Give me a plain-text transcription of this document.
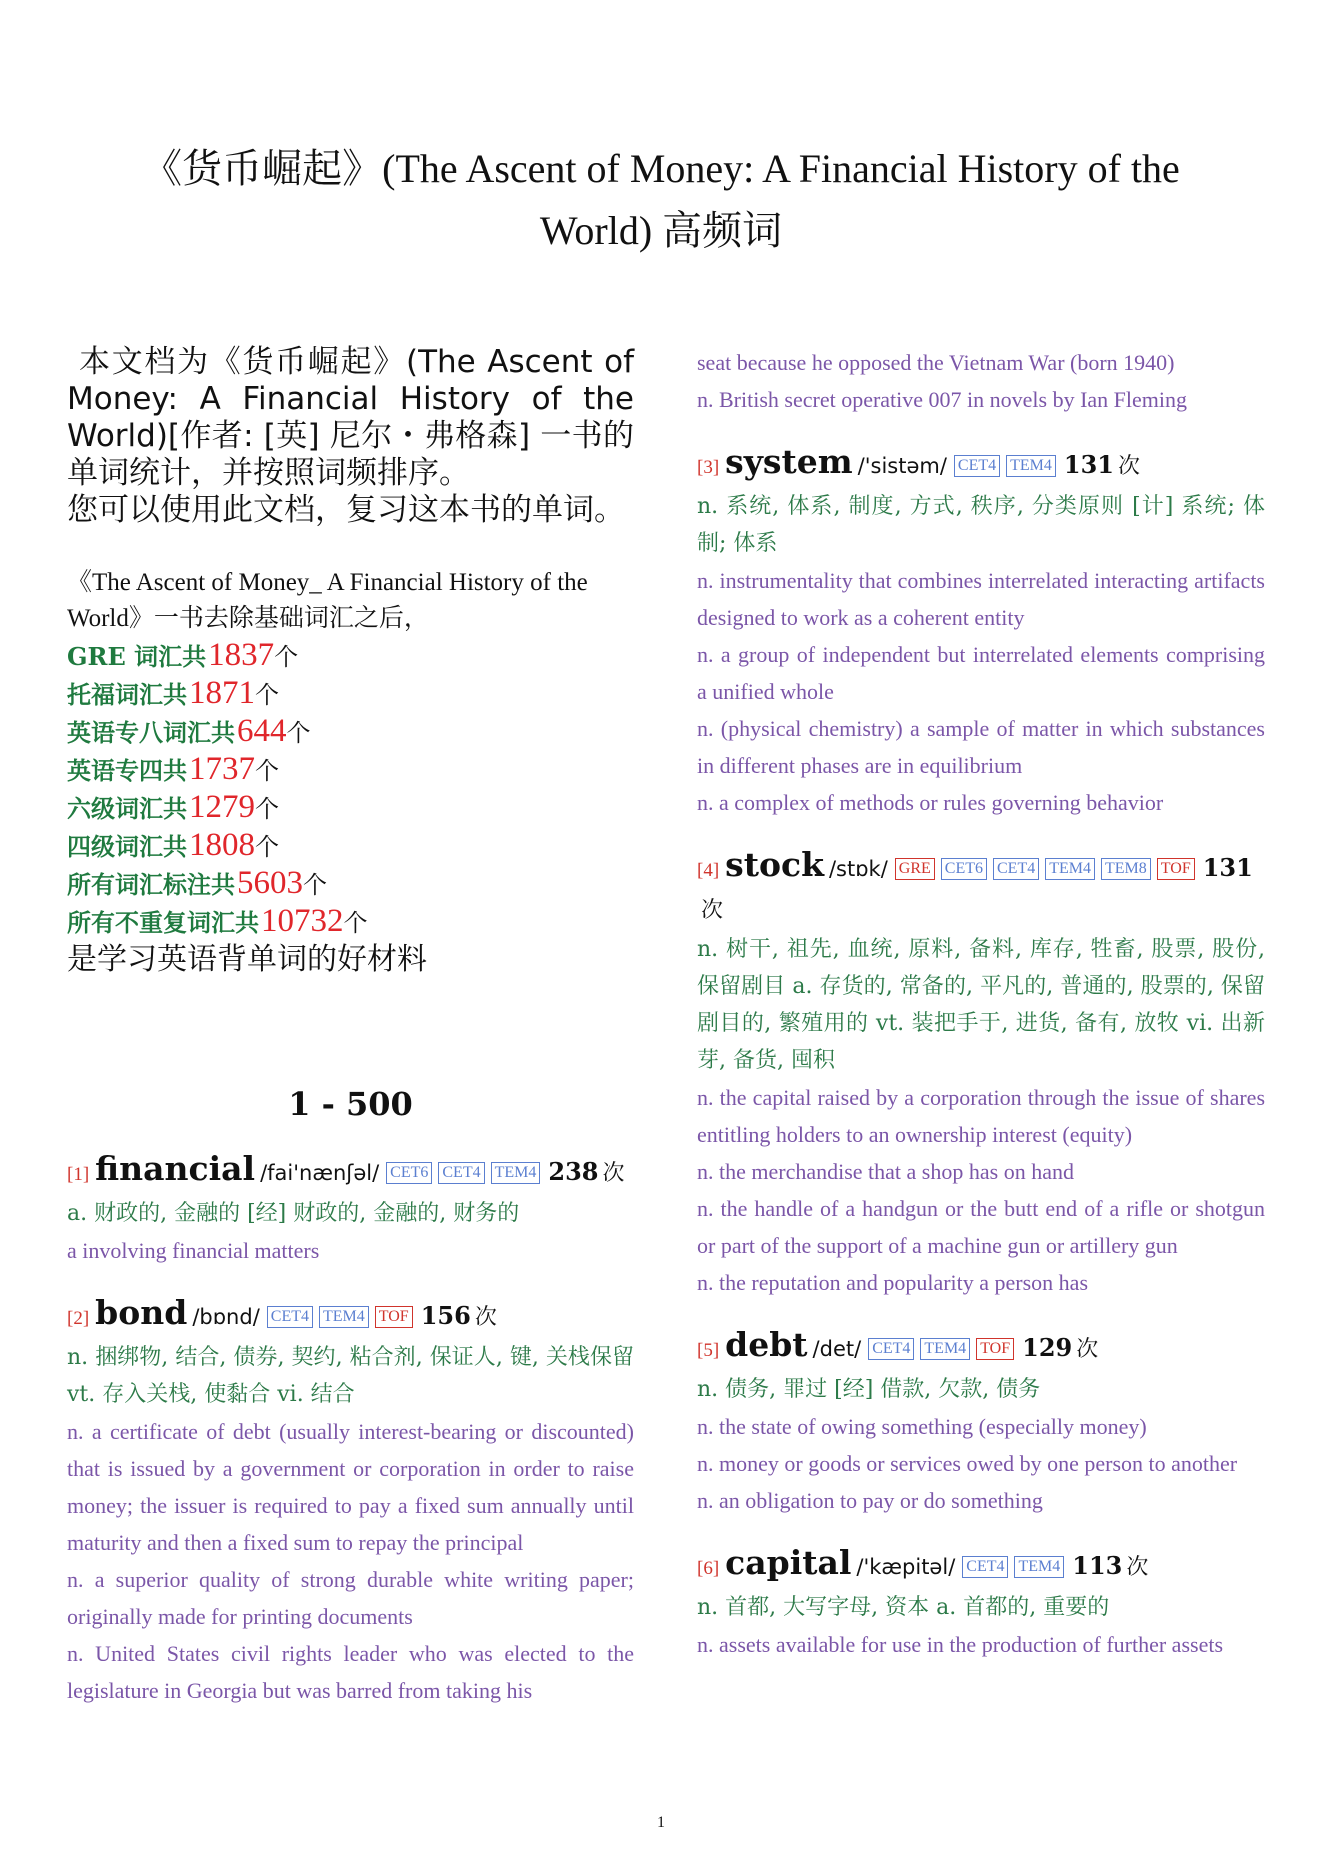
《货币崛起》(The Ascent of Money: A Financial History of the World) 高频词

本文档为《货币崛起》(The Ascent of Money: A Financial History of the World)[作者: [英] 尼尔・弗格森] 一书的单词统计，并按照词频排序。

您可以使用此文档，复习这本书的单词。

《The Ascent of Money_ A Financial History of the World》一书去除基础词汇之后，
GRE 词汇共 1837 个
托福词汇共 1871 个
英语专八词汇共 644 个
英语专四共 1737 个
六级词汇共 1279 个
四级词汇共 1808 个
所有词汇标注共 5603 个
所有不重复词汇共 10732 个
是学习英语背单词的好材料
1 - 500
[1] financial /fai'nænʃəl/ CET6 CET4 TEM4 238 次
a. 财政的, 金融的 [经] 财政的, 金融的, 财务的
a involving financial matters
[2] bond /bɒnd/ CET4 TEM4 TOF 156 次
n. 捆绑物, 结合, 债券, 契约, 粘合剂, 保证人, 键, 关栈保留 vt. 存入关栈, 使黏合 vi. 结合
n. a certificate of debt (usually interest-bearing or discounted) that is issued by a government or corporation in order to raise money; the issuer is required to pay a fixed sum annually until maturity and then a fixed sum to repay the principal
n. a superior quality of strong durable white writing paper; originally made for printing documents
n. United States civil rights leader who was elected to the legislature in Georgia but was barred from taking his
seat because he opposed the Vietnam War (born 1940)
n. British secret operative 007 in novels by Ian Fleming
[3] system /'sistəm/ CET4 TEM4 131 次
n. 系统, 体系, 制度, 方式, 秩序, 分类原则 [计] 系统; 体制; 体系
n. instrumentality that combines interrelated interacting artifacts designed to work as a coherent entity
n. a group of independent but interrelated elements comprising a unified whole
n. (physical chemistry) a sample of matter in which substances in different phases are in equilibrium
n. a complex of methods or rules governing behavior
[4] stock /stɒk/ GRE CET6 CET4 TEM4 TEM8 TOF 131
次
n. 树干, 祖先, 血统, 原料, 备料, 库存, 牲畜, 股票, 股份, 保留剧目 a. 存货的, 常备的, 平凡的, 普通的, 股票的, 保留剧目的, 繁殖用的 vt. 装把手于, 进货, 备有, 放牧 vi. 出新芽, 备货, 囤积
n. the capital raised by a corporation through the issue of shares entitling holders to an ownership interest (equity)
n. the merchandise that a shop has on hand
n. the handle of a handgun or the butt end of a rifle or shotgun or part of the support of a machine gun or artillery gun
n. the reputation and popularity a person has
[5] debt /det/ CET4 TEM4 TOF 129 次
n. 债务, 罪过 [经] 借款, 欠款, 债务
n. the state of owing something (especially money)
n. money or goods or services owed by one person to another
n. an obligation to pay or do something
[6] capital /'kæpitəl/ CET4 TEM4 113 次
n. 首都, 大写字母, 资本 a. 首都的, 重要的
n. assets available for use in the production of further assets
1
